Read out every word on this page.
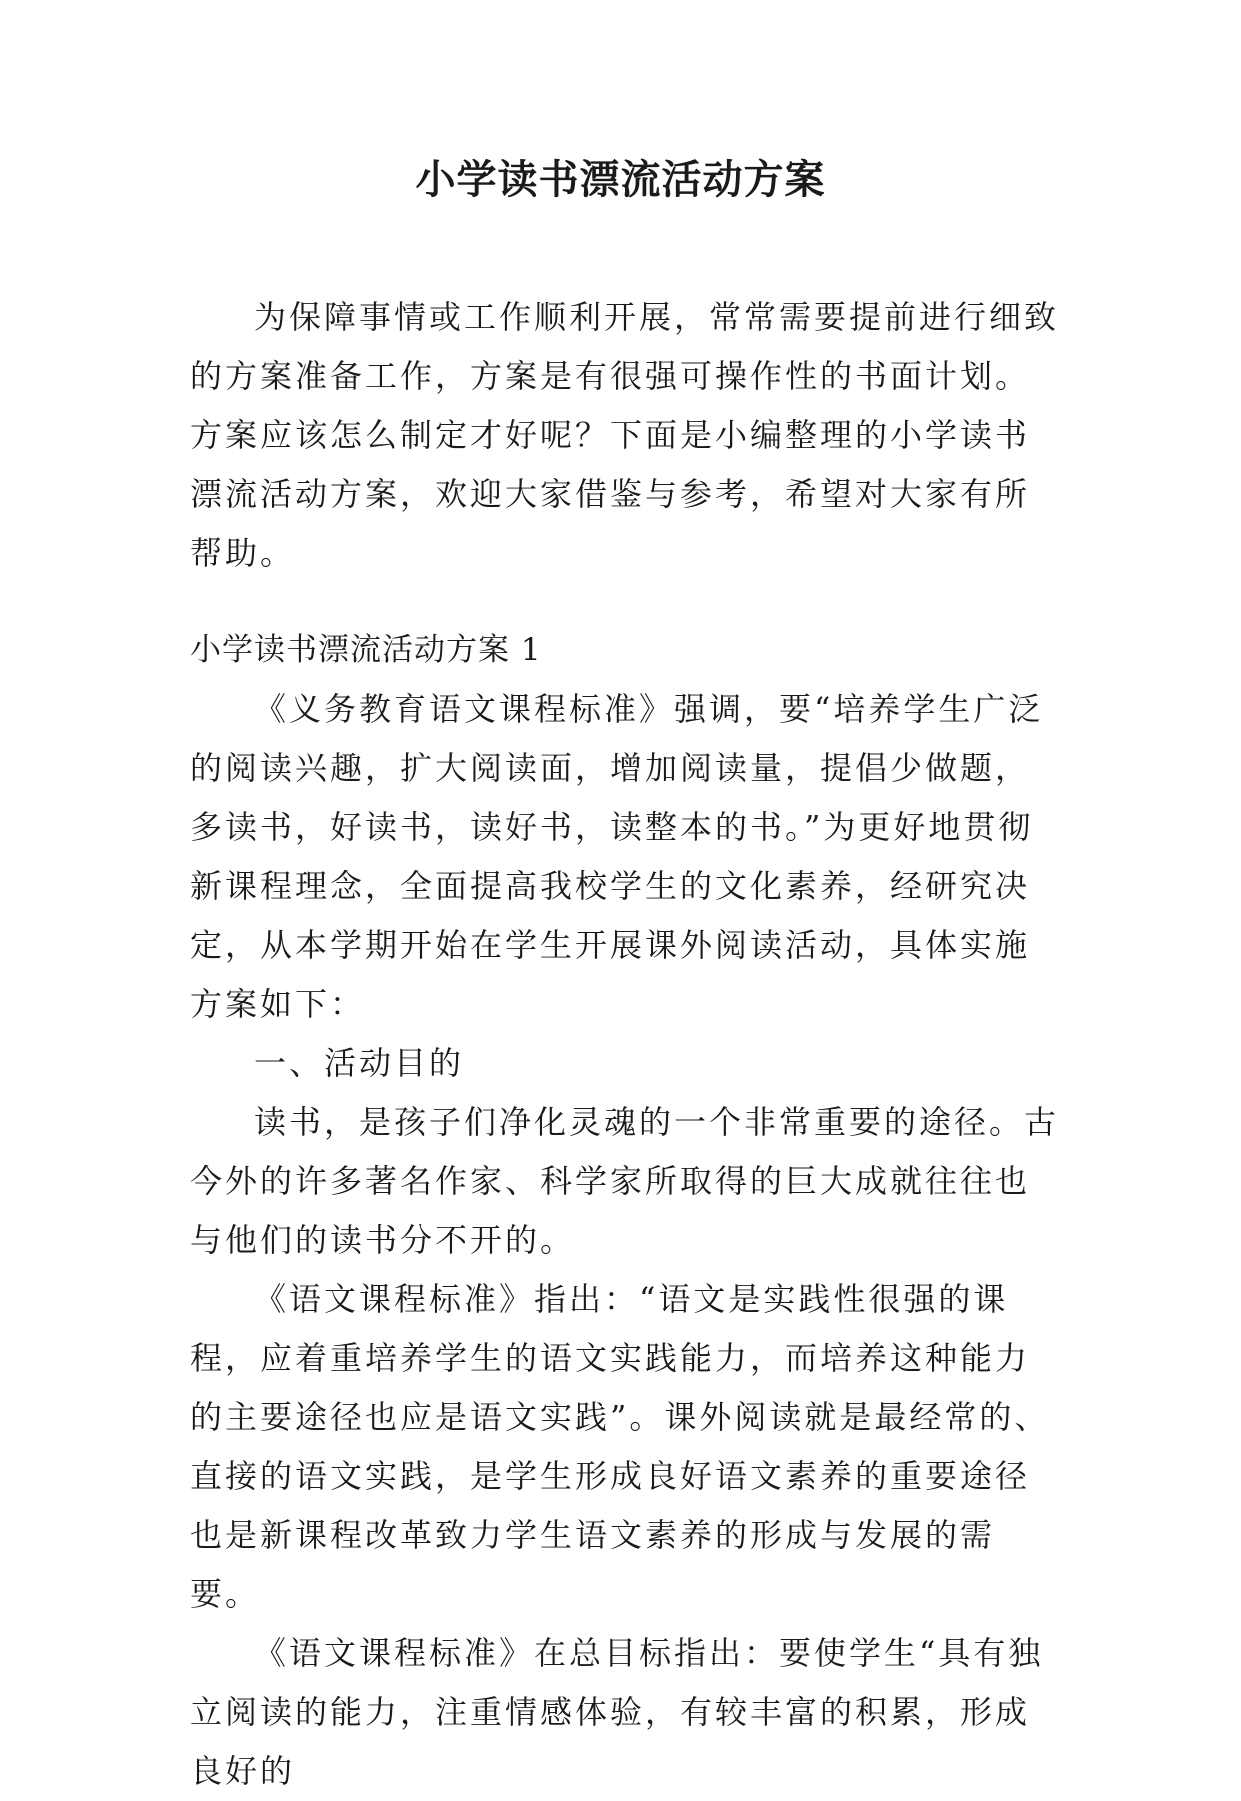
小学读书漂流活动方案

为保障事情或工作顺利开展，常常需要提前进行细致的方案准备工作，方案是有很强可操作性的书面计划。方案应该怎么制定才好呢？下面是小编整理的小学读书漂流活动方案，欢迎大家借鉴与参考，希望对大家有所帮助。

小学读书漂流活动方案 1

《义务教育语文课程标准》强调，要“培养学生广泛的阅读兴趣，扩大阅读面，增加阅读量，提倡少做题，多读书，好读书，读好书，读整本的书。”为更好地贯彻新课程理念，全面提高我校学生的文化素养，经研究决定，从本学期开始在学生开展课外阅读活动，具体实施方案如下：

一、活动目的

读书，是孩子们净化灵魂的一个非常重要的途径。古今外的许多著名作家、科学家所取得的巨大成就往往也与他们的读书分不开的。

《语文课程标准》指出：“语文是实践性很强的课程，应着重培养学生的语文实践能力，而培养这种能力的主要途径也应是语文实践”。课外阅读就是最经常的、直接的语文实践，是学生形成良好语文素养的重要途径也是新课程改革致力学生语文素养的形成与发展的需要。

《语文课程标准》在总目标指出：要使学生“具有独立阅读的能力，注重情感体验，有较丰富的积累，形成良好的
